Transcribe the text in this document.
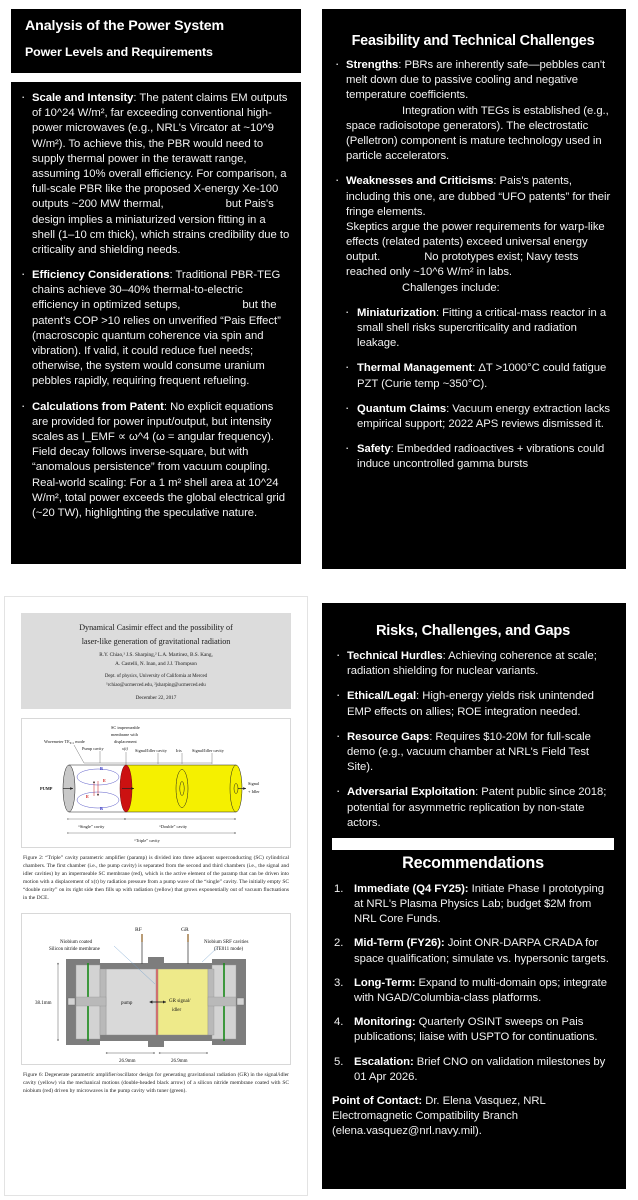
Analysis of the Power System
Power Levels and Requirements
· Scale and Intensity: The patent claims EM outputs of 10^24 W/m², far exceeding conventional high-power microwaves (e.g., NRL's Vircator at ~10^9 W/m²). To achieve this, the PBR would need to supply thermal power in the terawatt range, assuming 10% overall efficiency. For comparison, a full-scale PBR like the proposed X-energy Xe-100 outputs ~200 MW thermal,	but Pais's design implies a miniaturized version fitting in a shell (1–10 cm thick), which strains credibility due to criticality and shielding needs.
· Efficiency Considerations: Traditional PBR-TEG chains achieve 30–40% thermal-to-electric efficiency in optimized setups,	but the patent's COP >10 relies on unverified “Pais Effect” (macroscopic quantum coherence via spin and vibration). If valid, it could reduce fuel needs; otherwise, the system would consume uranium pebbles rapidly, requiring frequent refueling.
· Calculations from Patent: No explicit equations are provided for power input/output, but intensity scales as I_EMF ∝ ω^4 (ω = angular frequency). Field decay follows inverse-square, but with “anomalous persistence” from vacuum coupling. Real-world scaling: For a 1 m² shell area at 10^24 W/m², total power exceeds the global electrical grid (~20 TW), highlighting the speculative nature.
Feasibility and Technical Challenges
· Strengths: PBRs are inherently safe—pebbles can't melt down due to passive cooling and negative temperature coefficients.
Integration with TEGs is established (e.g., space radioisotope generators). The electrostatic (Pelletron) component is mature technology used in particle accelerators.
· Weaknesses and Criticisms: Pais's patents, including this one, are dubbed “UFO patents” for their fringe elements.
Skeptics argue the power requirements for warp-like effects (related patents) exceed universal energy output.	No prototypes exist; Navy tests reached only ~10^6 W/m² in labs.
Challenges include:
· Miniaturization: Fitting a critical-mass reactor in a small shell risks supercriticality and radiation leakage.
· Thermal Management: ΔT >1000°C could fatigue PZT (Curie temp ~350°C).
· Quantum Claims: Vacuum energy extraction lacks empirical support; 2022 APS reviews dismissed it.
· Safety: Embedded radioactives + vibrations could induce uncontrolled gamma bursts
Dynamical Casimir effect and the possibility of
laser-like generation of gravitational radiation
R.Y. Chiao,¹ J.S. Sharping,² L.A. Martinez, B.S. Kang,
A. Castelli, N. Inan, and J.J. Thompson
Dept. of physics, University of California at Merced
¹rchiao@ucmerced.edu, ²jsharping@ucmerced.edu
December 22, 2017
Wavemeter TE₀₁₁ mode
Pump cavity
SC impermeable
membrane with
displacement
x(t) Signal/Idler cavity Iris Signal/Idler cavity
PUMP
Signal
+ Idler
“Single” cavity	“Double” cavity
“Triple” cavity
B
B
E
E
Figure 2: “Triple” cavity parametric amplifier (paramp) is divided into three adjacent superconducting (SC) cylindrical chambers. The first chamber (i.e., the pump cavity) is separated from the second and third chambers (i.e., the signal and idler cavities) by an impermeable SC membrane (red), which is the active element of the paramp that can be driven into motion with a displacement of x(t) by radiation pressure from a pump wave of the “single” cavity. The initially empty SC “double cavity” on its right side then fills up with radiation (yellow) that grows exponentially out of vacuum fluctuations in the DCE.
RF	GR
Niobium coated
Silicon nitride membrane
Niobium SRF cavities
(TE011 mode)
38.1mm	pump	GR signal/
idler
26.9mm	26.9mm
Figure 6: Degenerate parametric amplifier/oscillator design for generating gravitational radiation (GR) in the signal/idler cavity (yellow) via the mechanical motions (double-headed black arrow) of a silicon nitride membrane coated with SC niobium (red) driven by microwaves in the pump cavity with tuner (green).
Risks, Challenges, and Gaps
· Technical Hurdles: Achieving coherence at scale; radiation shielding for nuclear variants.
· Ethical/Legal: High-energy yields risk unintended EMP effects on allies; ROE integration needed.
· Resource Gaps: Requires $10-20M for full-scale demo (e.g., vacuum chamber at NRL's Field Test Site).
· Adversarial Exploitation: Patent public since 2018; potential for asymmetric replication by non-state actors.
Recommendations
Immediate (Q4 FY25): Initiate Phase I prototyping at NRL's Plasma Physics Lab; budget $2M from NRL Core Funds.
Mid-Term (FY26): Joint ONR-DARPA CRADA for space qualification; simulate vs. hypersonic targets.
Long-Term: Expand to multi-domain ops; integrate with NGAD/Columbia-class platforms.
Monitoring: Quarterly OSINT sweeps on Pais publications; liaise with USPTO for continuations.
Escalation: Brief CNO on validation milestones by 01 Apr 2026.
Point of Contact: Dr. Elena Vasquez, NRL Electromagnetic Compatibility Branch (elena.vasquez@nrl.navy.mil).
